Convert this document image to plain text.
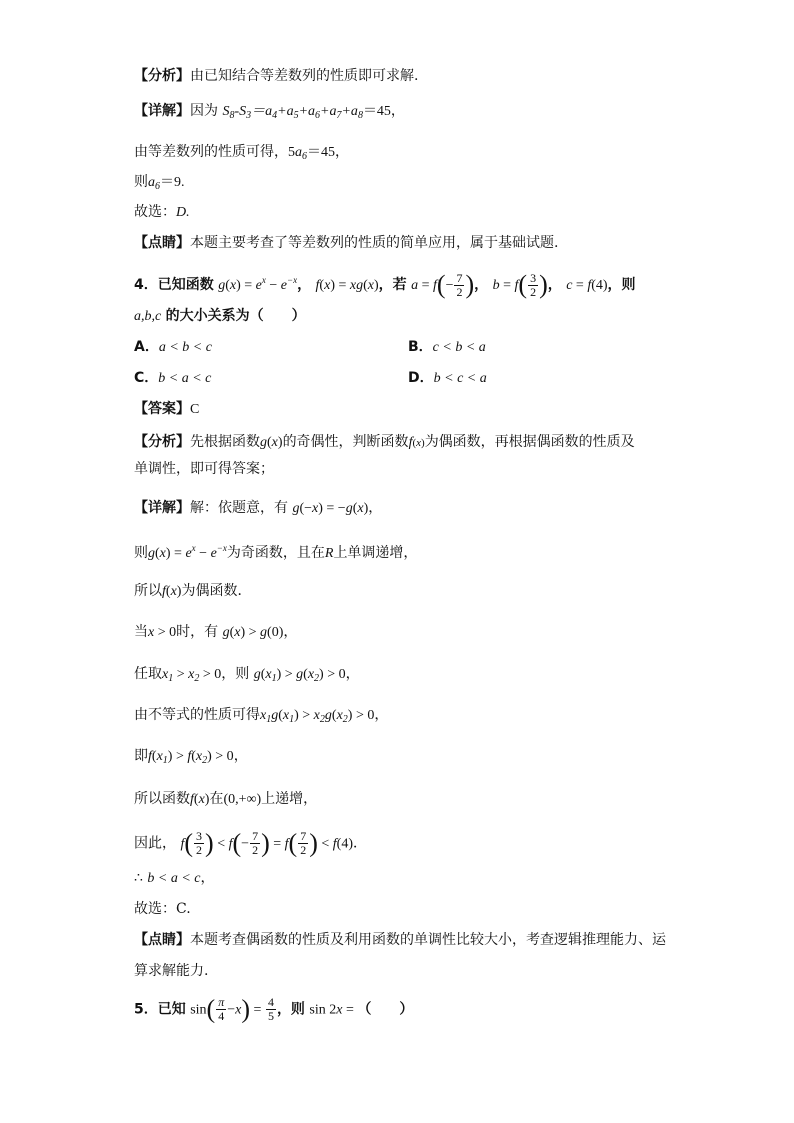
【分析】由已知结合等差数列的性质即可求解.
【详解】因为 $S_8-S_3=a_4+a_5+a_6+a_7+a_8=45$，
由等差数列的性质可得，$5a_6=45$，
则$a_6=9$.
故选：D.
【点睛】本题主要考查了等差数列的性质的简单应用，属于基础试题.
4．已知函数 $g(x) = e^x - e^{-x}$， f(x) = xg(x)，若 $a = f(- \frac{7}{2}$ )， $b = f( \frac{3}{2}$ )， c = f(4)，则
a,b,c 的大小关系为（　　）
A．a < b < c	B．c < b < a
C．b < a < c	D．b < c < a
【答案】C
【分析】先根据函数g(x)的奇偶性，判断函数f(x)为偶函数，再根据偶函数的性质及
单调性，即可得答案；
【详解】解：依题意，有 g(−x) = −g(x)，
则$g(x) = e^x - e^{-x}$为奇函数，且在R上单调递增，
所以f(x)为偶函数．
当x > 0时，有 g(x) > g(0)，
任取$x_1 > x_2 > 0$，则 $g(x_1) > g(x_2) > 0$，
由不等式的性质可得$x_1g(x_1) > x_2g(x_2) > 0$，
即$f(x_1) > f(x_2) > 0$，
所以函数f(x)在(0,+∞)上递增，
因此， $f( \frac{3}{2}$ ) < $f(- \frac{7}{2}$ ) = $f( \frac{7}{2}$ ) < f(4)．
∴ b < a < c，
故选：C.
【点睛】本题考查偶函数的性质及利用函数的单调性比较大小，考查逻辑推理能力、运
算求解能力.
5．已知 $\sin( \frac{\pi}{4} -x) = \frac{4}{5}$ ，则 sin 2x = （　　）
